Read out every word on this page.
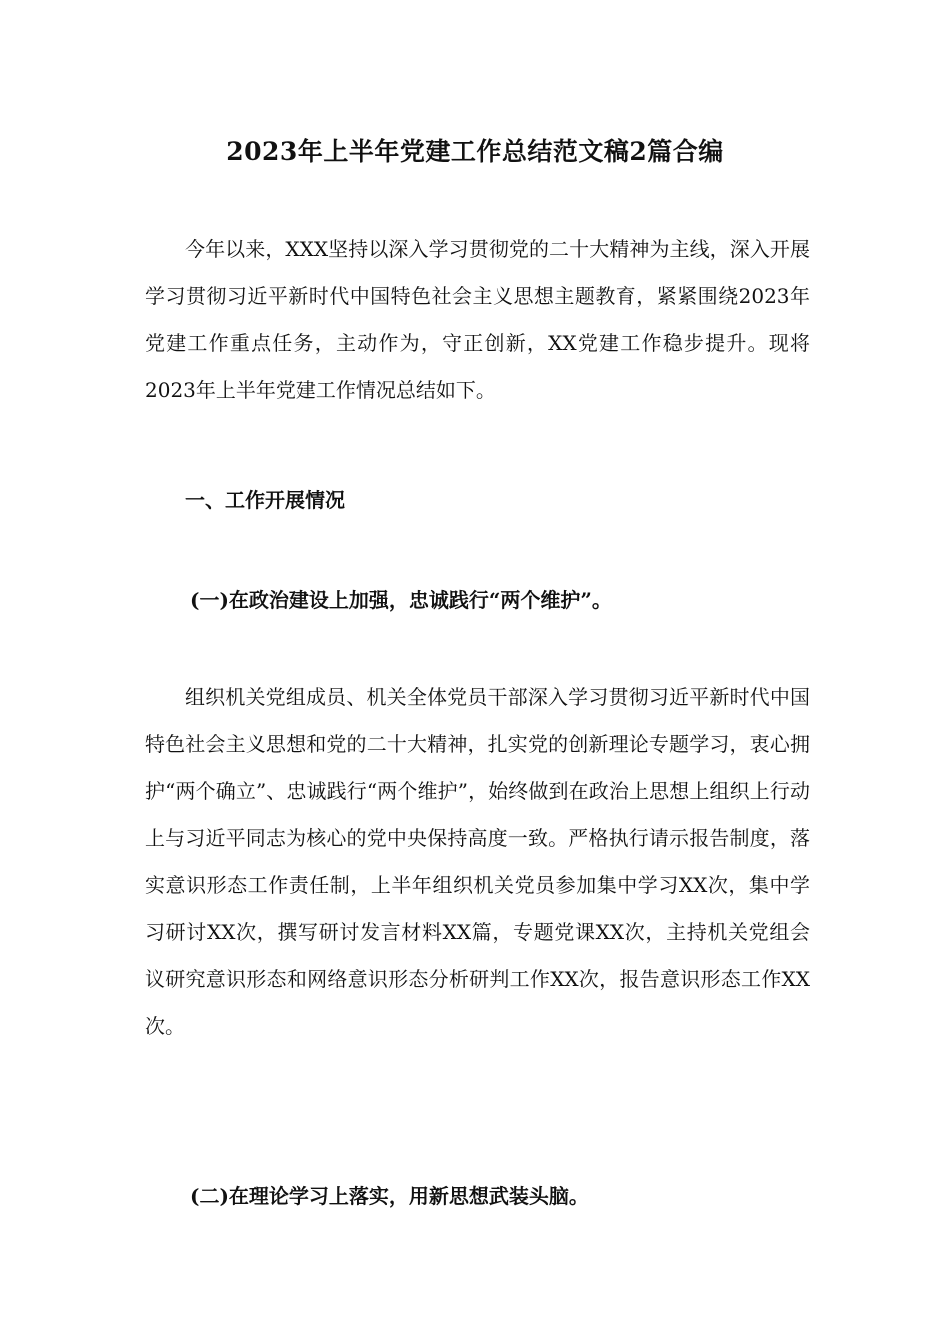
2023年上半年党建工作总结范文稿2篇合编

今年以来，XXX坚持以深入学习贯彻党的二十大精神为主线，深入开展学习贯彻习近平新时代中国特色社会主义思想主题教育，紧紧围绕2023年党建工作重点任务，主动作为，守正创新，XX党建工作稳步提升。现将2023年上半年党建工作情况总结如下。

一、工作开展情况

(一)在政治建设上加强，忠诚践行“两个维护”。

组织机关党组成员、机关全体党员干部深入学习贯彻习近平新时代中国特色社会主义思想和党的二十大精神，扎实党的创新理论专题学习，衷心拥护“两个确立”、忠诚践行“两个维护”，始终做到在政治上思想上组织上行动上与习近平同志为核心的党中央保持高度一致。严格执行请示报告制度，落实意识形态工作责任制，上半年组织机关党员参加集中学习XX次，集中学习研讨XX次，撰写研讨发言材料XX篇，专题党课XX次，主持机关党组会议研究意识形态和网络意识形态分析研判工作XX次，报告意识形态工作XX次。

(二)在理论学习上落实，用新思想武装头脑。
